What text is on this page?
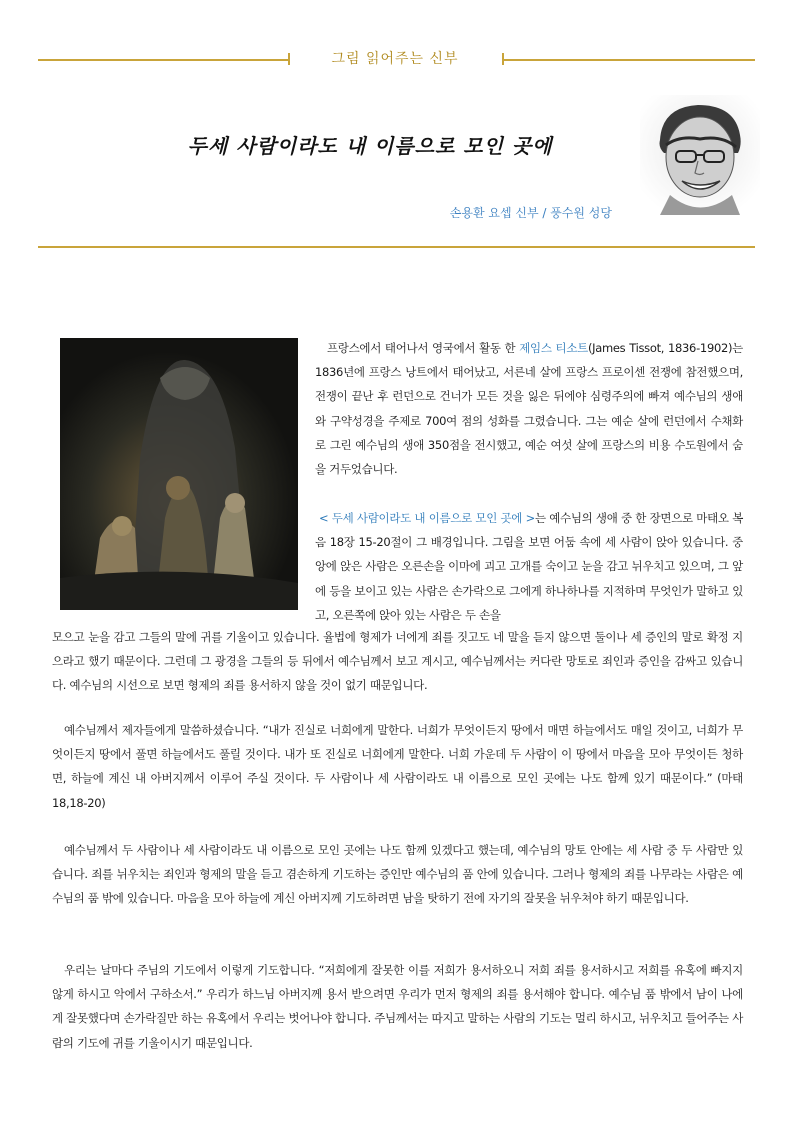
그림 읽어주는 신부
두세 사람이라도 내 이름으로 모인 곳에
손용환 요셉 신부 / 풍수원 성당

프랑스에서 태어나서 영국에서 활동 한 제임스 티소트(James Tissot, 1836-1902)는 1836년에 프랑스 낭트에서 태어났고, 서른네 살에 프랑스 프로이센 전쟁에 참전했으며, 전쟁이 끝난 후 런던으로 건너가 모든 것을 잃은 뒤에야 심령주의에 빠져 예수님의 생애와 구약성경을 주제로 700여 점의 성화를 그렸습니다. 그는 예순 살에 런던에서 수채화로 그린 예수님의 생애 350점을 전시했고, 예순 여섯 살에 프랑스의 비용 수도원에서 숨을 거두었습니다.

< 두세 사람이라도 내 이름으로 모인 곳에 >는 예수님의 생애 중 한 장면으로 마태오 복음 18장 15-20절이 그 배경입니다. 그림을 보면 어둠 속에 세 사람이 앉아 있습니다. 중앙에 앉은 사람은 오른손을 이마에 괴고 고개를 숙이고 눈을 감고 뉘우치고 있으며, 그 앞에 등을 보이고 있는 사람은 손가락으로 그에게 하나하나를 지적하며 무엇인가 말하고 있고, 오른쪽에 앉아 있는 사람은 두 손을

모으고 눈을 감고 그들의 말에 귀를 기울이고 있습니다. 율법에 형제가 너에게 죄를 짓고도 네 말을 듣지 않으면 둘이나 세 증인의 말로 확정 지으라고 했기 때문이다. 그런데 그 광경을 그들의 등 뒤에서 예수님께서 보고 계시고, 예수님께서는 커다란 망토로 죄인과 증인을 감싸고 있습니다. 예수님의 시선으로 보면 형제의 죄를 용서하지 않을 것이 없기 때문입니다.

예수님께서 제자들에게 말씀하셨습니다. “내가 진실로 너희에게 말한다. 너희가 무엇이든지 땅에서 매면 하늘에서도 매일 것이고, 너희가 무엇이든지 땅에서 풀면 하늘에서도 풀릴 것이다. 내가 또 진실로 너희에게 말한다. 너희 가운데 두 사람이 이 땅에서 마음을 모아 무엇이든 청하면, 하늘에 계신 내 아버지께서 이루어 주실 것이다. 두 사람이나 세 사람이라도 내 이름으로 모인 곳에는 나도 함께 있기 때문이다.” (마태 18,18-20)

예수님께서 두 사람이나 세 사람이라도 내 이름으로 모인 곳에는 나도 함께 있겠다고 했는데, 예수님의 망토 안에는 세 사람 중 두 사람만 있습니다. 죄를 뉘우치는 죄인과 형제의 말을 듣고 겸손하게 기도하는 증인만 예수님의 품 안에 있습니다. 그러나 형제의 죄를 나무라는 사람은 예수님의 품 밖에 있습니다. 마음을 모아 하늘에 계신 아버지께 기도하려면 남을 탓하기 전에 자기의 잘못을 뉘우쳐야 하기 때문입니다.

우리는 날마다 주님의 기도에서 이렇게 기도합니다. “저희에게 잘못한 이를 저희가 용서하오니 저희 죄를 용서하시고 저희를 유혹에 빠지지 않게 하시고 악에서 구하소서.” 우리가 하느님 아버지께 용서 받으려면 우리가 먼저 형제의 죄를 용서해야 합니다. 예수님 품 밖에서 남이 나에게 잘못했다며 손가락질만 하는 유혹에서 우리는 벗어나야 합니다. 주님께서는 따지고 말하는 사람의 기도는 멀리 하시고, 뉘우치고 들어주는 사람의 기도에 귀를 기울이시기 때문입니다.
